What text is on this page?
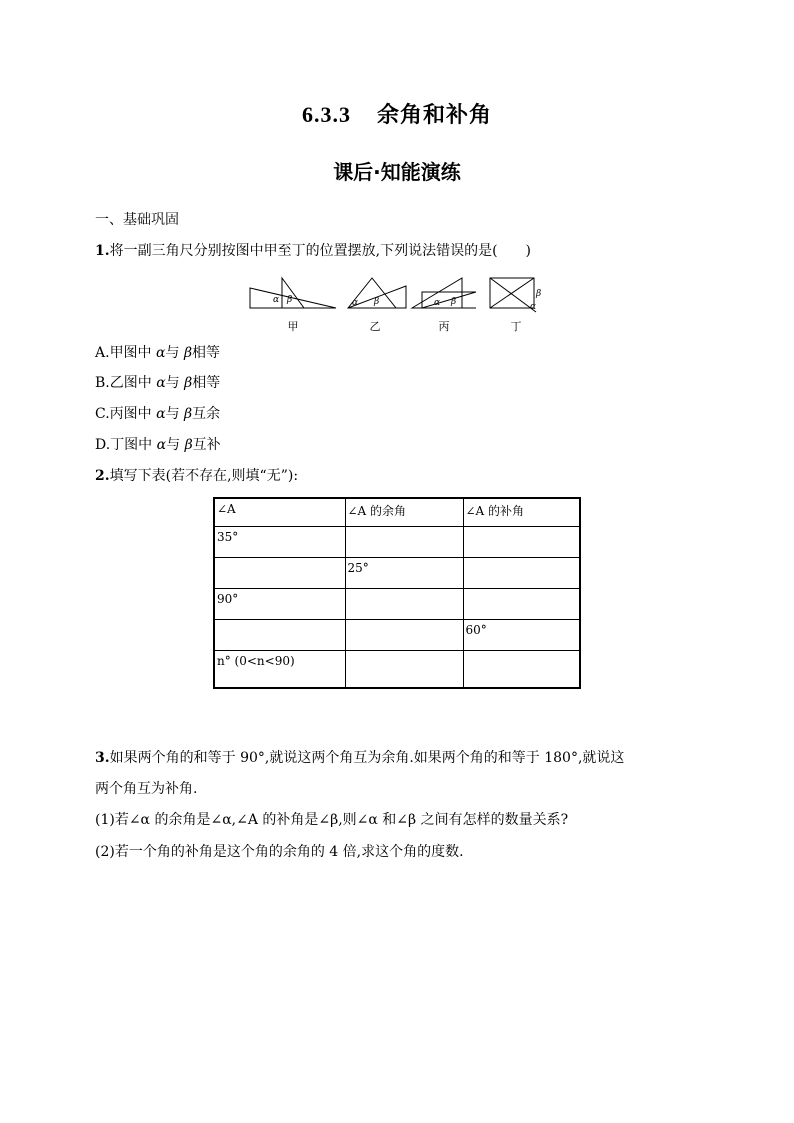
6.3.3 余角和补角
课后·知能演练
一、基础巩固
1.将一副三角尺分别按图中甲至丁的位置摆放,下列说法错误的是(　　)
α β	α β	α β
β
α
甲	乙	丙	丁
A.甲图中 α与 β相等
B.乙图中 α与 β相等
C.丙图中 α与 β互余
D.丁图中 α与 β互补
2.填写下表(若不存在,则填“无”):
∠A	∠A 的余角	∠A 的补角
35°		
	25°	
90°		
		60°
n° (0<n<90)		
3.如果两个角的和等于 90°,就说这两个角互为余角.如果两个角的和等于 180°,就说这
两个角互为补角.
(1)若∠α 的余角是∠α,∠A 的补角是∠β,则∠α 和∠β 之间有怎样的数量关系?
(2)若一个角的补角是这个角的余角的 4 倍,求这个角的度数.
